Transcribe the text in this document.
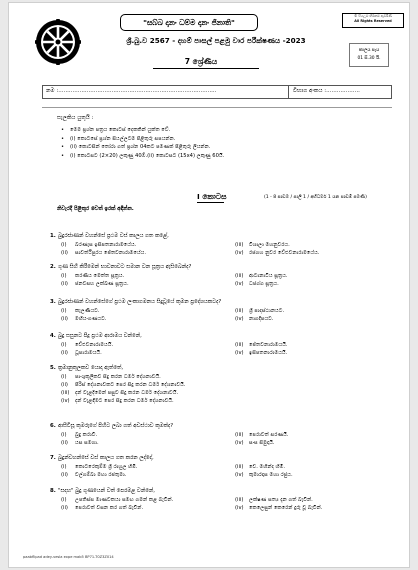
"සබ්බ දානං ධම්ම දානං ජිනාති"
ශ්‍රී.බු.ව 2567 - දහම් පාසල් පළමු වාර පරීක්ෂණය -2023
7 ශ්‍රේණිය
© සියලුම හිමිකම් ඇවිරිණි
All Rights Reserved
කාලය පැය
01 සි.30 යි.
නම :.........................................................................................	විභාග අංකය :...................
සැලකිය යුතුයි :
• මෙම ප්‍රශ්න පත්‍රය කොටස් දෙකකින් යුක්ත වේ.
• (i) කොටසේ ප්‍රශ්න සියල්ලටම පිළිතුරු සපයන්න.
• (ii) කොටසින් තෝරා ගත් ප්‍රශ්න 04කට පමණක් පිළිතුරු ලියන්න.
• (i) කොටසට (2×20) ලකුණු 40ඕ.(ii) කොටසට (15x4) ලකුණු 60යි.
I කොටස	(1 - 8 පාඩම / පාලි 1 / අභිධර්ම 1 යන පාඩම් පමණි)
නිවැරදි පිළිතුර වෙත් ඉරක් අඳින්න.
1. බුදුරජාණන් වහන්සේ ප්‍රථම වස් කාලය ගත කළේ,
(i) බරණැස ඉසිපතනාරාමයේය.	(iii) විශාලා මහනුවරය.
(ii) සාවත්ථිපුරය ජේතවනාරාමයේය.	(iv) රජගහ නුවර වේළුවනාරාමයේය.
2. ගුණ සිහි කිරීමෙන් භාවනාවට සමාන වන සූත්‍රය ඇසිබෙන්ද?
(i) කරණීය මෙත්ත සූත්‍රය.	(iii) ආටානාටිය සූත්‍රය.
(ii) ජනවසභ ලක්ඛණ සූත්‍රය.	(iv) ධජග්ග සූත්‍රය.
3. බුදුරජාණන් වහන්සේගේ ප්‍රථම ලංකාගමනය සිදුවූයේ කුමන ප්‍රදේශයකටද?
(i) කැලණියට.	(iii) ශ්‍රී පාදස්ථානයට.
(ii) මහියංගණයට.	(iv) නාගදීපයට.
4. බුදු සසුනට පිදූ ප්‍රථම ආරාමය වන්නේ,
(i) වේළුවනාරාමයයි.	(iii) ජේතවනාරාමයයි.
(ii) ධූපාරාමයයි.	(iv) ඉසිපතනාරාමයයි.
5. ක්‍රමානුකුලකව යොදා ඇත්තේ,
(i) පාංශුකූලිකව සිදු කරන ධර්ම දේශනාවයි.
(ii) පිරිස් දේශනාවකට පෙර සිදු කරන ධර්ම දේශනාවයි.
(iii) දන් වැළදීමෙන් පසුව සිදු කරන ධර්ම දේශනාවයි.
(iv) දන් වැළඳීමට පෙර සිදු කරන ධර්ම දේශනාවයි.
6. ආසීවිසූ කුමරුගේ පිහිට ලබා ගත් අවස්ථාව කුමක්ද?
(i) බුදු කරාවී.	(iii) පෙරාවත් සරණයි.
(ii) යස සමගා.	(iv) සංඝ සිමුදායි.
7. බුදුන්වහන්සේ වස් කාලය ගත කරන ලද්දේ,
(i) කොටරෙකුම්ම ශ්‍රී රාහුල හිමි.	(iii) වෙ. මහින්ද හිමි.
(ii) වල්ගම්බා මහා රජතුමා.	(iv) කුමාරදාස මහා රජුය.
8. "සදහ" බුදු ගුණයෙන් වත් පෙරමළ වන්නේ,
(i) උපතිස්ස මාණවකයා සමඟ ගමන් කළ බැවින්.	(iii) ලක්ෂණ සත්‍ය දැන ගත් බැවින්.
(ii) පෙරාවත් වසන කර ගත් බැවින්.	(iv) කෙලෙසුන් කෙරෙන් දුරු වූ බැවින්.
paabflipad adey-vesla expe mab5 BP71-T0Z3Z014
